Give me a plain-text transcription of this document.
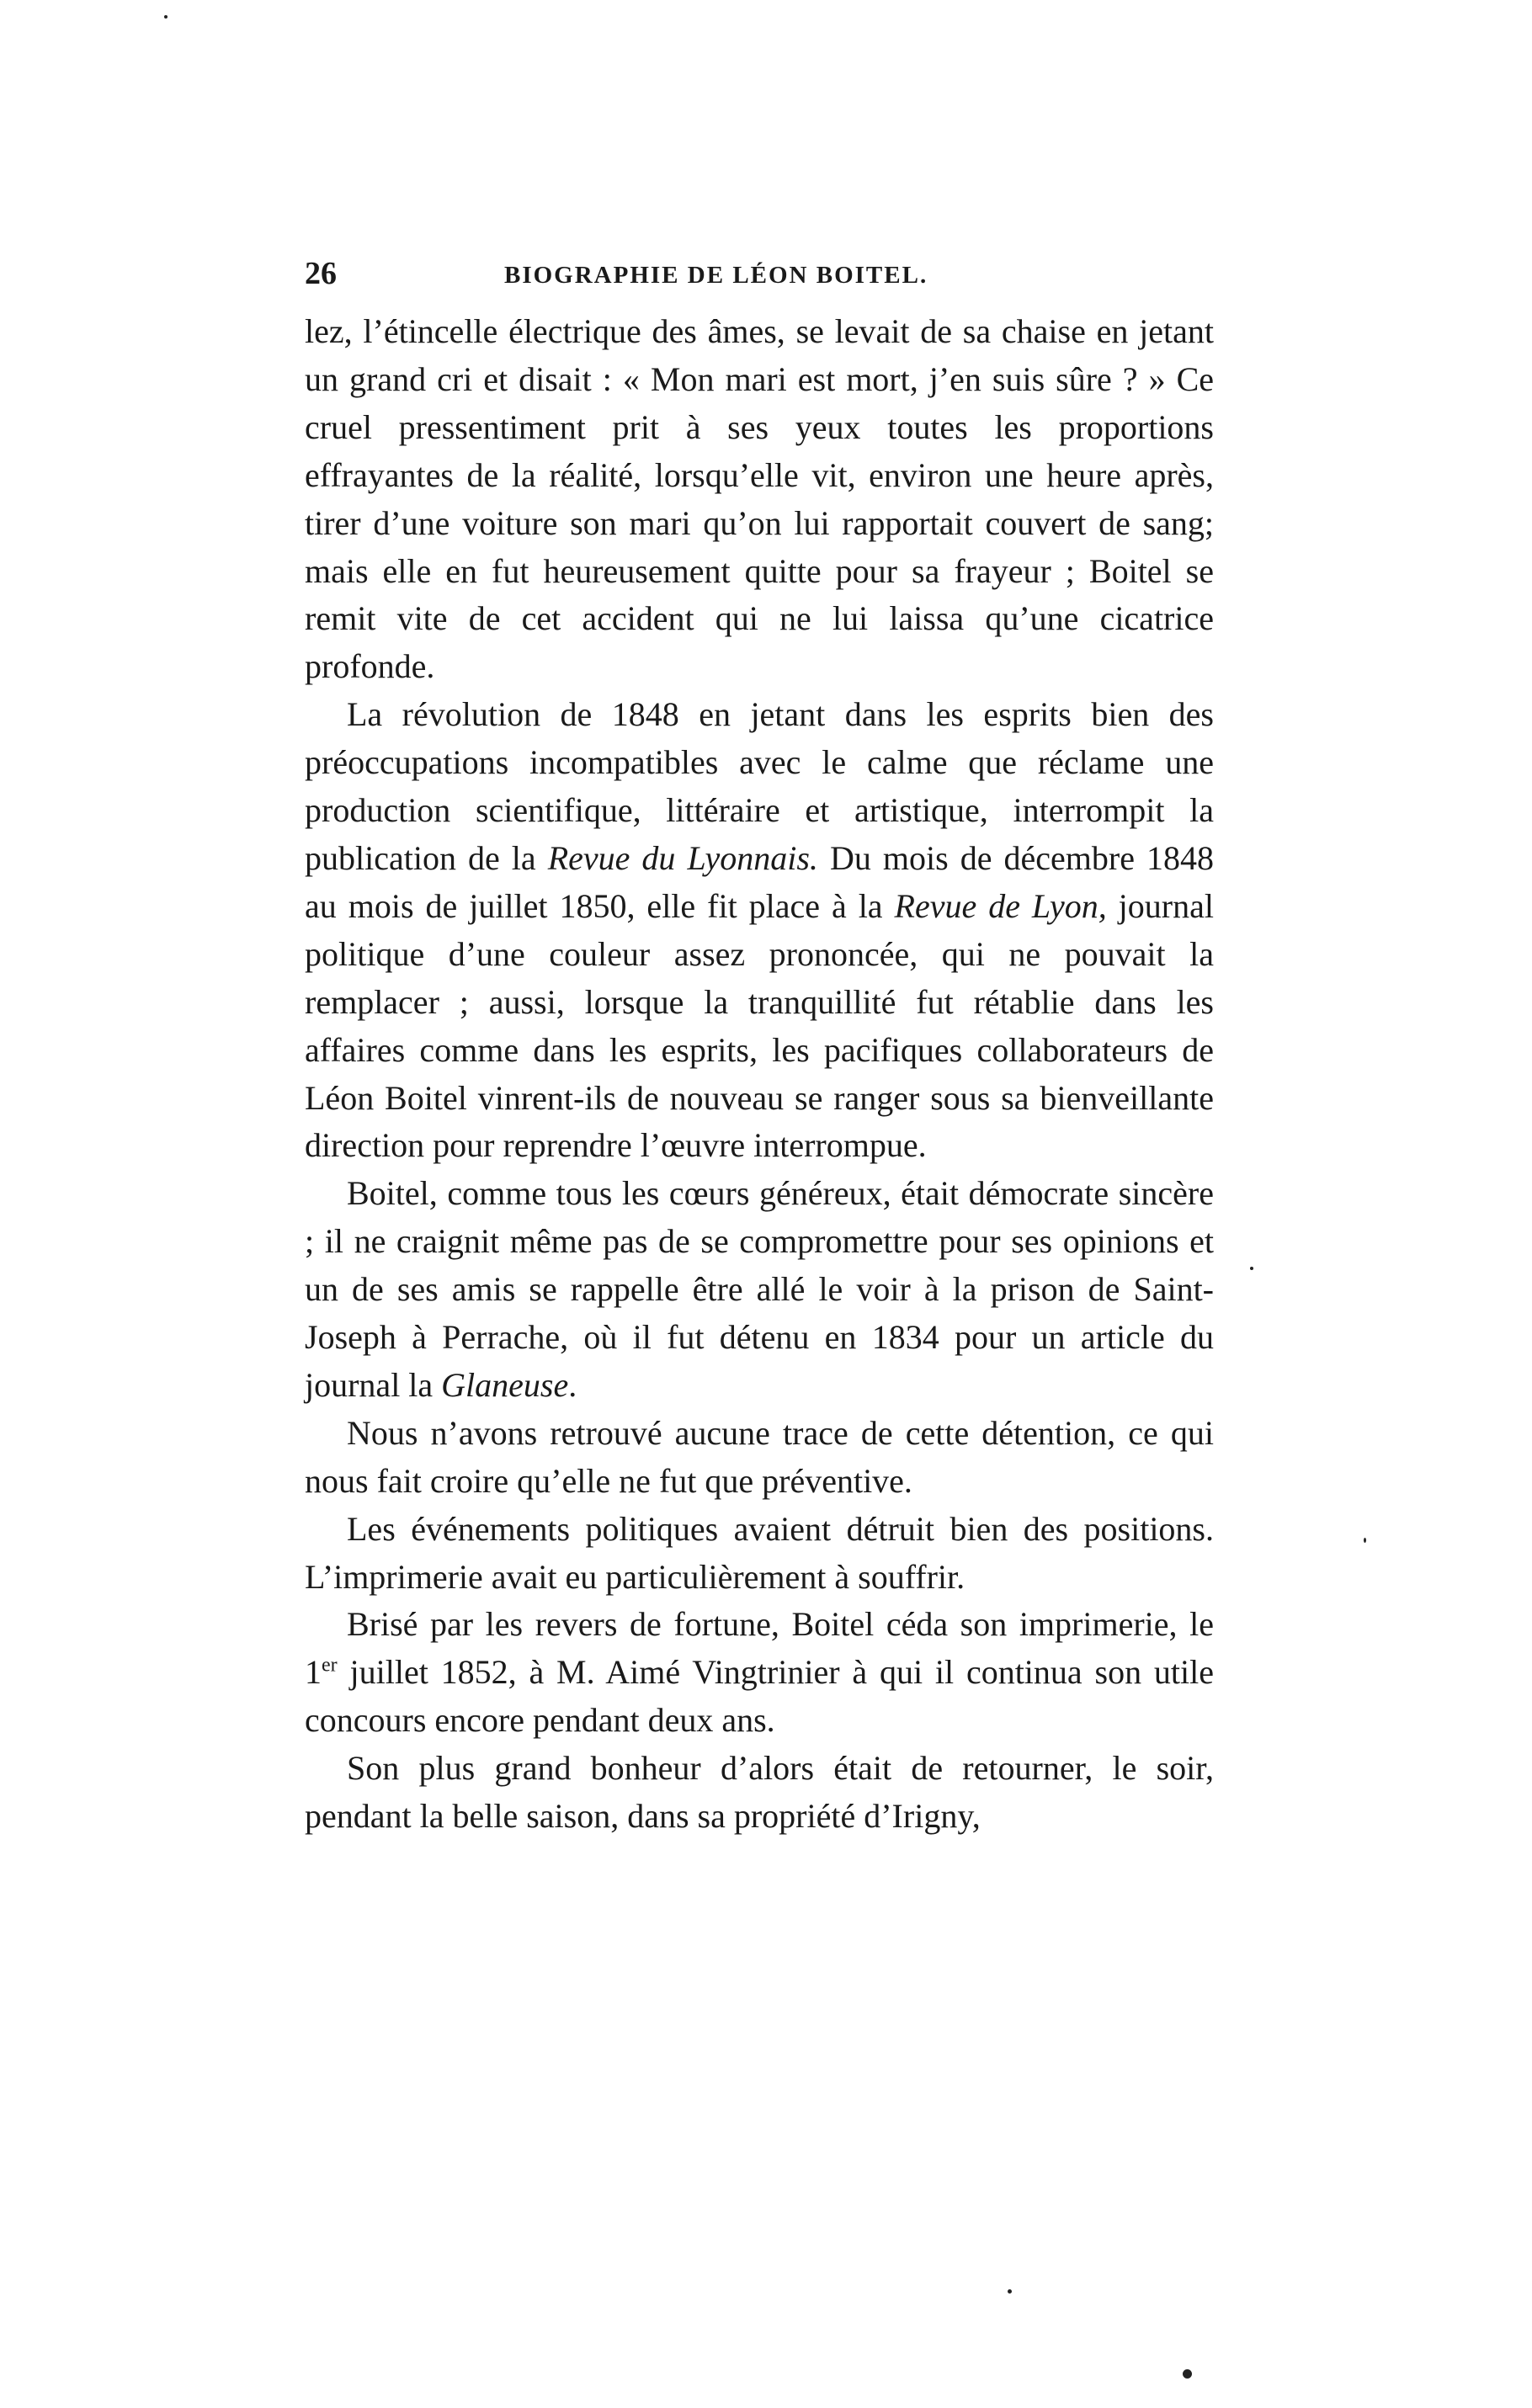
26	BIOGRAPHIE DE LÉON BOITEL.

lez, l’étincelle électrique des âmes, se levait de sa chaise en jetant un grand cri et disait : « Mon mari est mort, j’en suis sûre ? » Ce cruel pressentiment prit à ses yeux toutes les proportions effrayantes de la réalité, lorsqu’elle vit, environ une heure après, tirer d’une voiture son mari qu’on lui rapportait couvert de sang; mais elle en fut heureusement quitte pour sa frayeur ; Boitel se remit vite de cet accident qui ne lui laissa qu’une cicatrice profonde.

La révolution de 1848 en jetant dans les esprits bien des préoccupations incompatibles avec le calme que réclame une production scientifique, littéraire et artistique, interrompit la publication de la Revue du Lyonnais. Du mois de décembre 1848 au mois de juillet 1850, elle fit place à la Revue de Lyon, journal politique d’une couleur assez prononcée, qui ne pouvait la remplacer ; aussi, lorsque la tranquillité fut rétablie dans les affaires comme dans les esprits, les pacifiques collaborateurs de Léon Boitel vinrent-ils de nouveau se ranger sous sa bienveillante direction pour reprendre l’œuvre interrompue.

Boitel, comme tous les cœurs généreux, était démocrate sincère ; il ne craignit même pas de se compromettre pour ses opinions et un de ses amis se rappelle être allé le voir à la prison de Saint-Joseph à Perrache, où il fut détenu en 1834 pour un article du journal la Glaneuse.

Nous n’avons retrouvé aucune trace de cette détention, ce qui nous fait croire qu’elle ne fut que préventive.

Les événements politiques avaient détruit bien des positions. L’imprimerie avait eu particulièrement à souffrir.

Brisé par les revers de fortune, Boitel céda son imprimerie, le 1er juillet 1852, à M. Aimé Vingtrinier à qui il continua son utile concours encore pendant deux ans.

Son plus grand bonheur d’alors était de retourner, le soir, pendant la belle saison, dans sa propriété d’Irigny,
